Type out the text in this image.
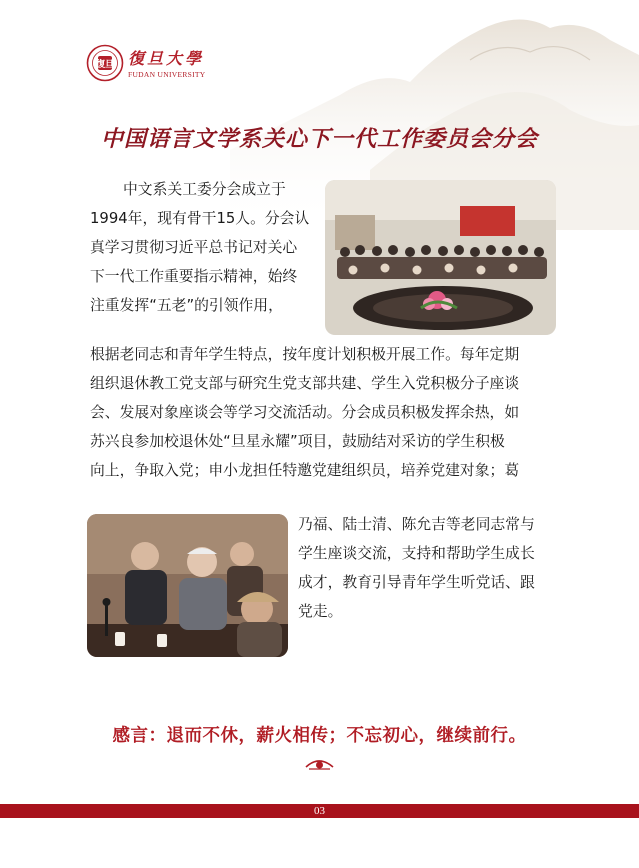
復旦 復旦大學
FUDAN UNIVERSITY
中国语言文学系关心下一代工作委员会分会
中文系关工委分会成立于
1994年，现有骨干15人。分会认
真学习贯彻习近平总书记对关心
下一代工作重要指示精神，始终
注重发挥“五老”的引领作用，
根据老同志和青年学生特点，按年度计划积极开展工作。每年定期
组织退休教工党支部与研究生党支部共建、学生入党积极分子座谈
会、发展对象座谈会等学习交流活动。分会成员积极发挥余热，如
苏兴良参加校退休处“旦星永耀”项目，鼓励结对采访的学生积极
向上，争取入党；申小龙担任特邀党建组织员，培养党建对象；葛
乃福、陆士清、陈允吉等老同志常与
学生座谈交流，支持和帮助学生成长
成才，教育引导青年学生听党话、跟
党走。
感言：退而不休，薪火相传；不忘初心，继续前行。
03
